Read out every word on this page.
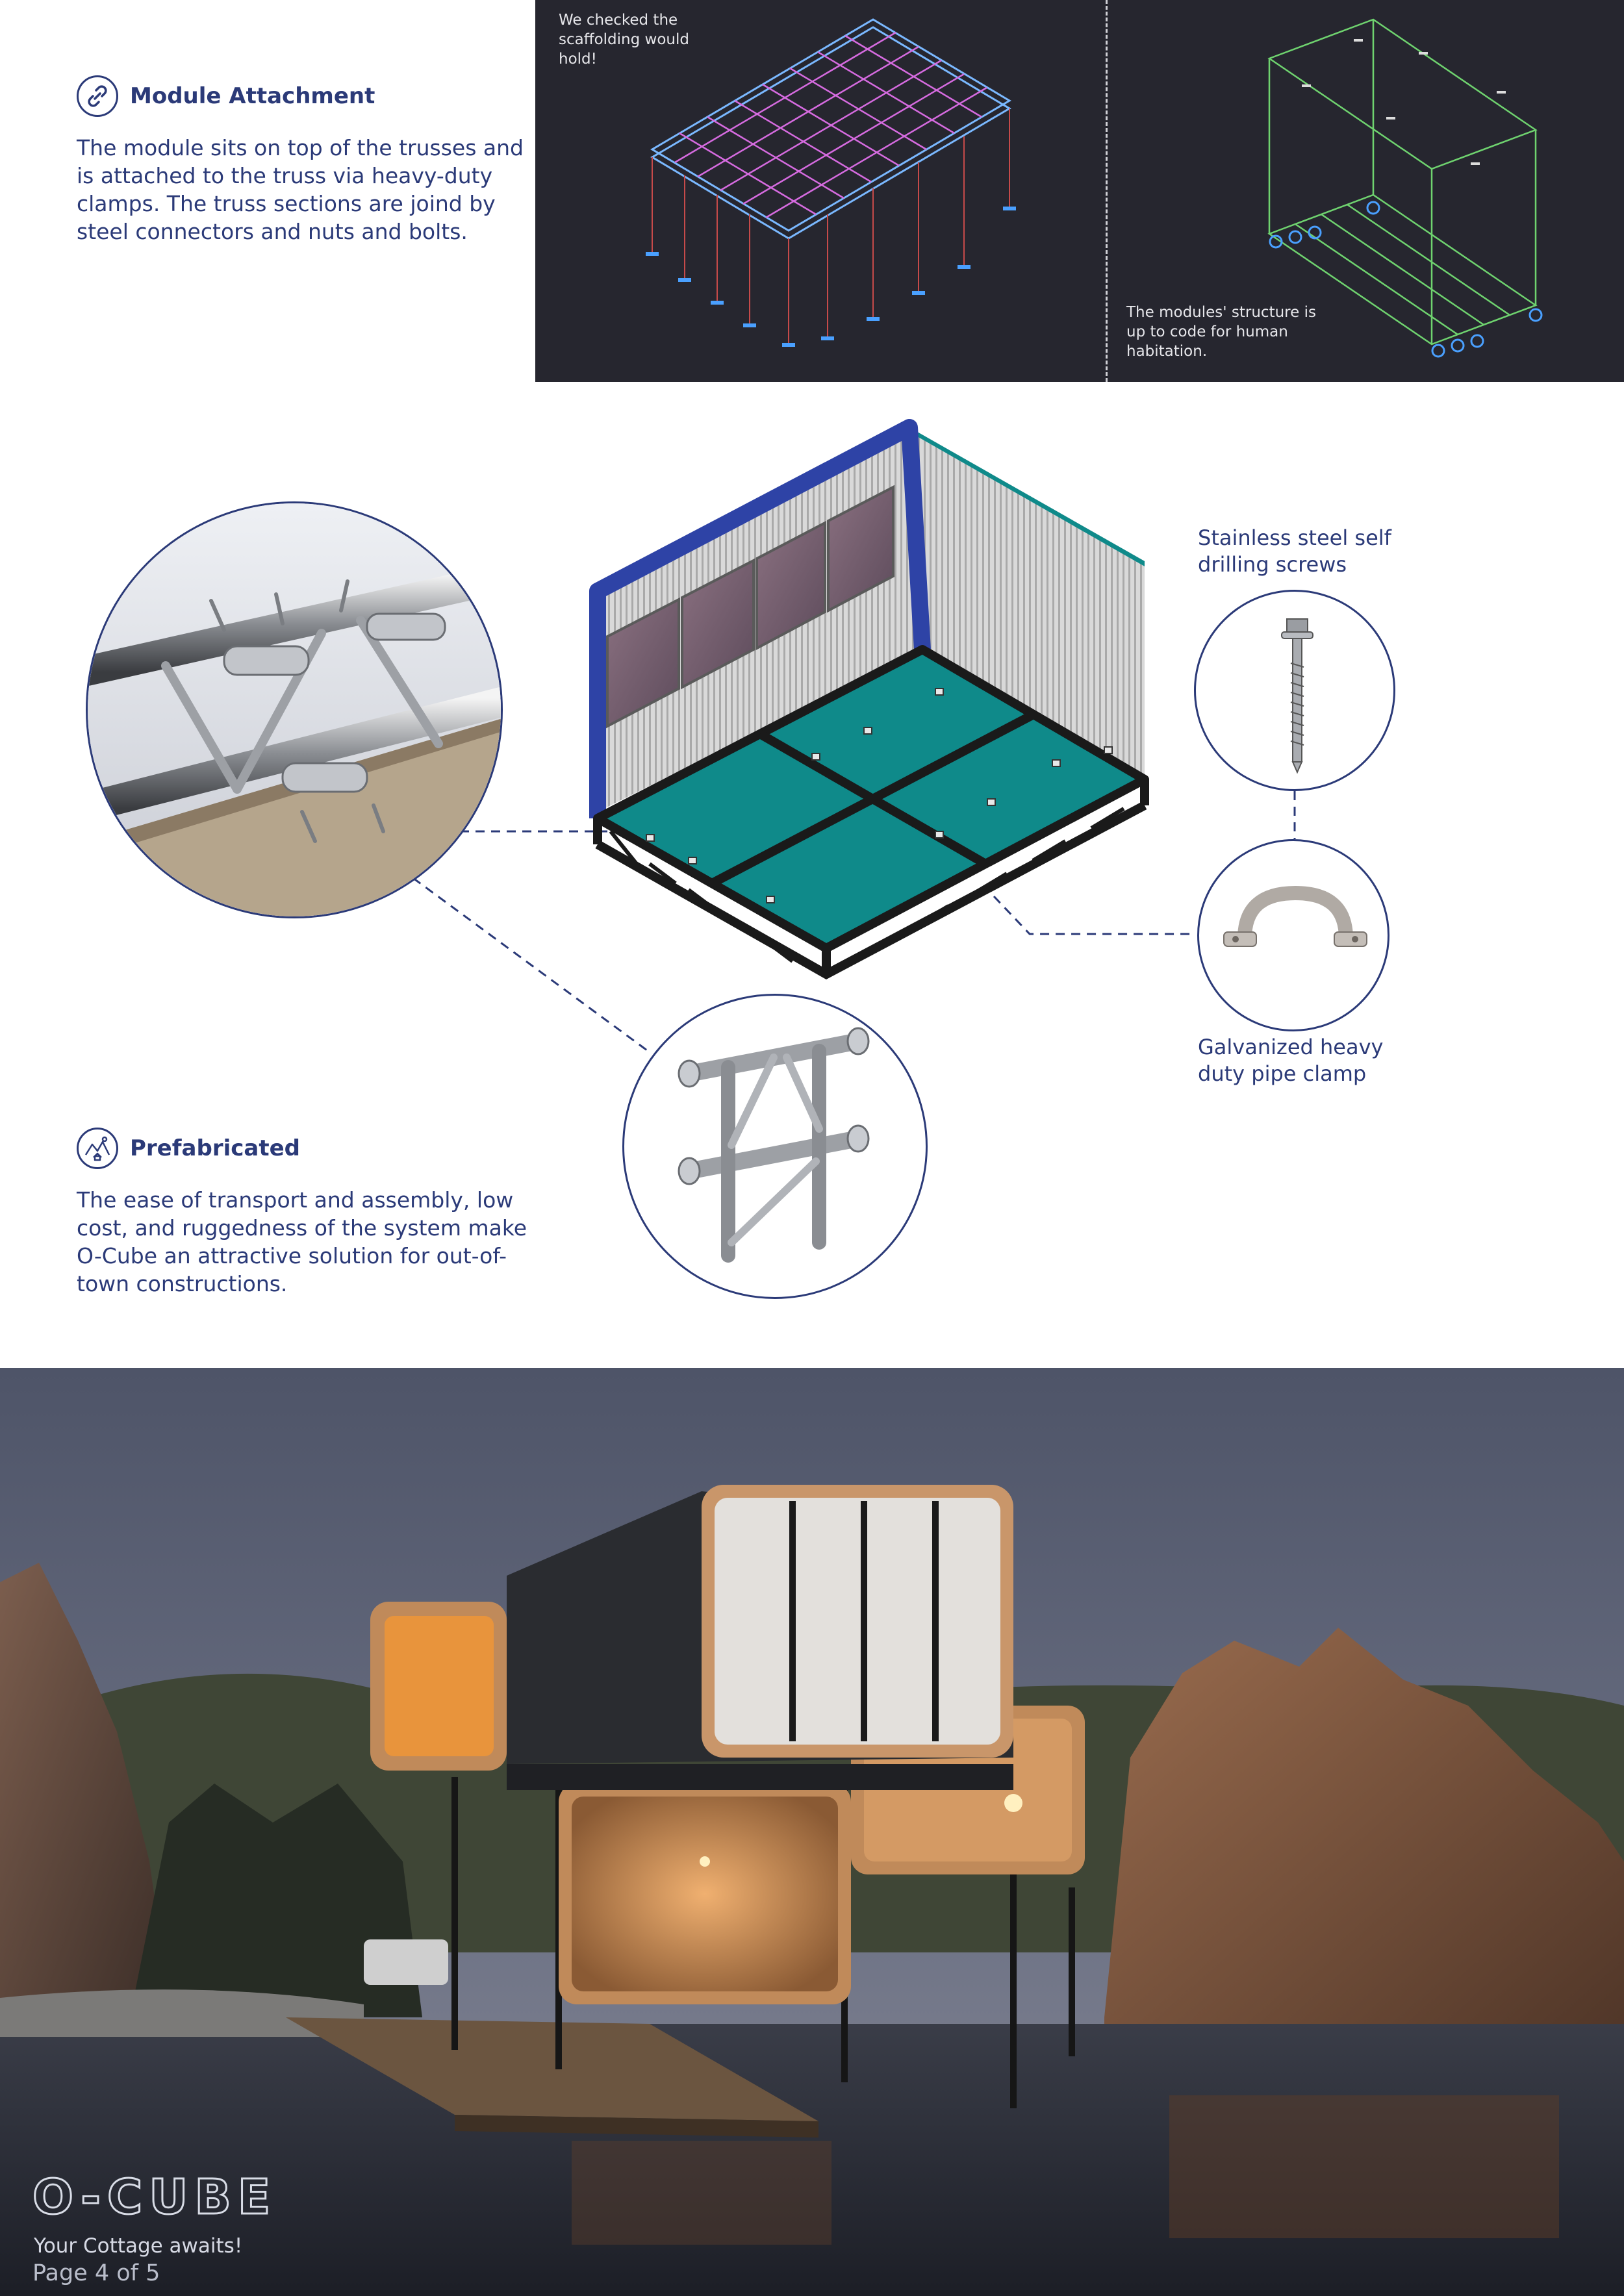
Module Attachment
The module sits on top of the trusses and is attached to the truss via heavy-duty clamps. The truss sections are joind by steel connectors and nuts and bolts.
We checked the scaffolding would hold!
The modules' structure is up to code for human habitation.
Stainless steel self drilling screws
Galvanized heavy duty pipe clamp
Prefabricated
The ease of transport and assembly, low cost, and ruggedness of the system make O-Cube an attractive solution for out-of-town constructions.
O-CUBE
Your Cottage awaits!
Page 4 of 5
